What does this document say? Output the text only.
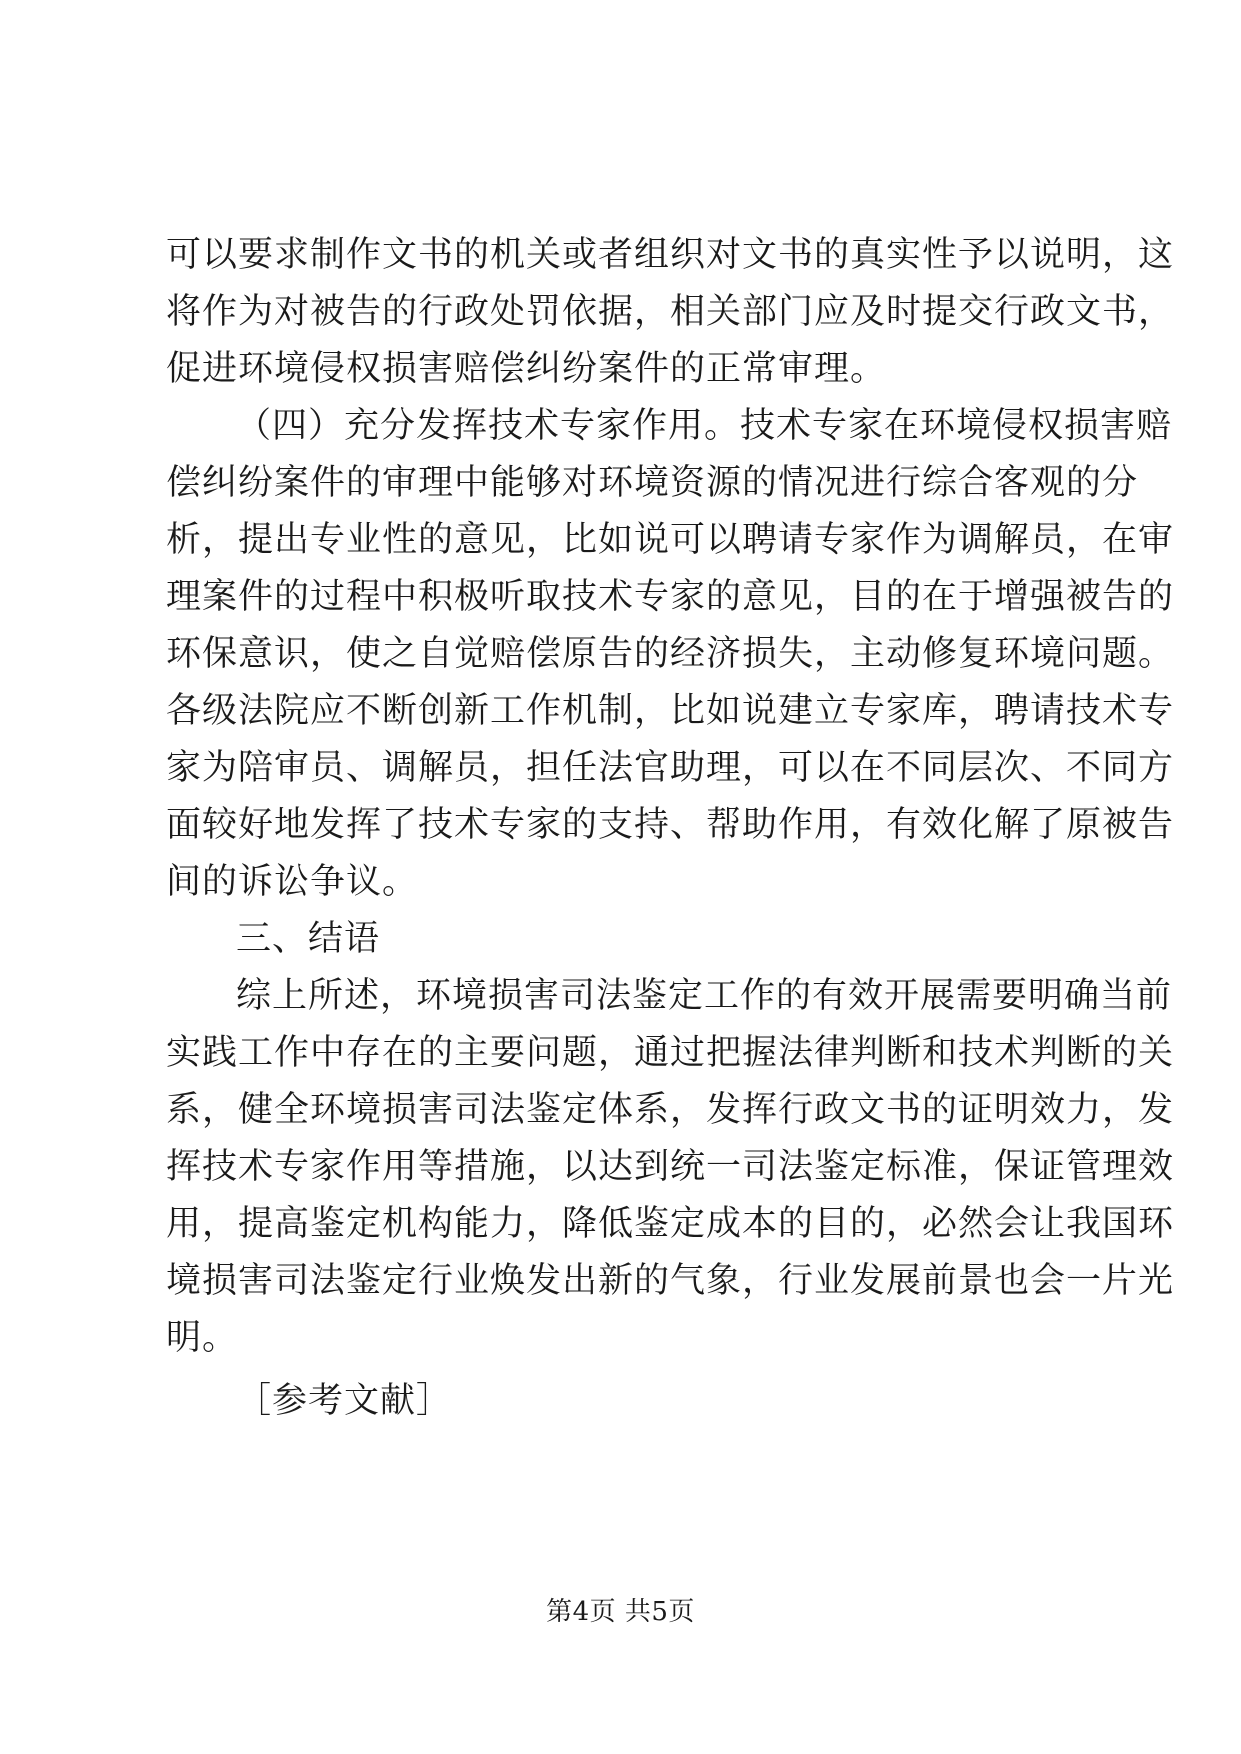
可以要求制作文书的机关或者组织对文书的真实性予以说明，这
将作为对被告的行政处罚依据，相关部门应及时提交行政文书，
促进环境侵权损害赔偿纠纷案件的正常审理。
（四）充分发挥技术专家作用。技术专家在环境侵权损害赔
偿纠纷案件的审理中能够对环境资源的情况进行综合客观的分
析，提出专业性的意见，比如说可以聘请专家作为调解员，在审
理案件的过程中积极听取技术专家的意见，目的在于增强被告的
环保意识，使之自觉赔偿原告的经济损失，主动修复环境问题。
各级法院应不断创新工作机制，比如说建立专家库，聘请技术专
家为陪审员、调解员，担任法官助理，可以在不同层次、不同方
面较好地发挥了技术专家的支持、帮助作用，有效化解了原被告
间的诉讼争议。
三、结语
综上所述，环境损害司法鉴定工作的有效开展需要明确当前
实践工作中存在的主要问题，通过把握法律判断和技术判断的关
系，健全环境损害司法鉴定体系，发挥行政文书的证明效力，发
挥技术专家作用等措施，以达到统一司法鉴定标准，保证管理效
用，提高鉴定机构能力，降低鉴定成本的目的，必然会让我国环
境损害司法鉴定行业焕发出新的气象，行业发展前景也会一片光
明。
［参考文献］
第4页 共5页
